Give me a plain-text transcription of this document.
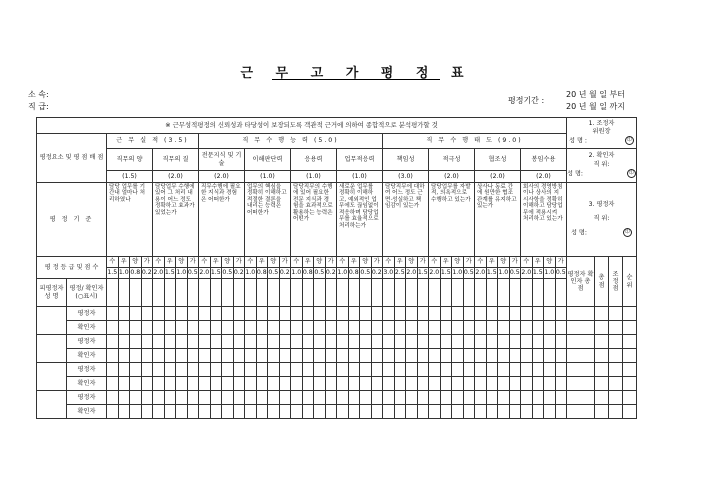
근 무 고 가 평 정 표
소 속:
직 급:
평정기간 :
20 년 월 일 부터
20 년 월 일 까지
※ 근무성적평정의 신뢰성과 타당성이 보장되도록 객관적 근거에 의하여 종합적으로 분석평가할 것																																										1. 조정자
위원장
성 명 : 印			

평정요소 및 평 점 배 점		근 무 실 적 (3.5)								직 무 수 행 능 력 (5.0)																직 무 수 행 태 도 (9.0)																			
		직무의 양				직무의 질				전문지식 및 기술				이해판단력				응용력				업무적응력				책임성				적극성				협조성				봉임수용				2. 확인자
직 위:
성 명: 印			

		(1.5)				(2.0)				(2.0)				(1.0)				(1.0)				(1.0)				(3.0)				(2.0)				(2.0)				(2.0)							
평 정 기 준		담당 업무를 기간내 얼마나 처리하였나				담당업무 수행에 있어 그 처리 내용이 어느 정도 정확하고 효과가 있었는가				직무수행에 필요한 지식과 경험은 어떠한가				업무의 핵심을 정확히 이해하고 적절한 결론을 내리는 능력은 어떠한가				담당직무의 수행에 있어 필요한 전문 지식과 경험을 효과적으로 활용하는 능력은 어떤가				새로운 업무를 정확히 이해하고, 예외적인 업무에도 끊임없이 적응하며 담당업무를 효율적으로 처리하는가				담당직무에 대하여 어느 정도 근면·성실하고 책임감이 있는가				담당업무를 자발적, 의욕적으로 수행하고 있는가				상사나 동료 간에 원만한 협조관계를 유지하고 있는가				회사의 경영방침이나 상사의 지시사항을 정확히 이해하고 담당업무에 적용시켜 처리하고 있는가				3. 평정자
직 위:
성 명: 印			

평 정 등 급 및 점 수		수	우	양	가	수	우	양	가	수	우	양	가	수	우	양	가	수	우	양	가	수	우	양	가	수	우	양	가	수	우	양	가	수	우	양	가	수	우	양	가	평정자 확인자 총 점	총 점	조 정 점	순 위
		1.5	1.0	0.8	0.2	2.0	1.5	1.0	0.5	2.0	1.5	0.5	0.2	1.0	0.8	0.5	0.2	1.0	0.8	0.5	0.2	1.0	0.8	0.5	0.2	3.0	2.5	2.0	1.5	2.0	1.5	1.0	0.5	2.0	1.5	1.0	0.5	2.0	1.5	1.0	0.5				
피평정자 성 명	평정/ 확인자 (○표시)																																												
	평정자																																												
	확인자																																												
	평정자																																												
	확인자																																												
	평정자																																												
	확인자																																												
	평정자																																												
	확인자																																												
